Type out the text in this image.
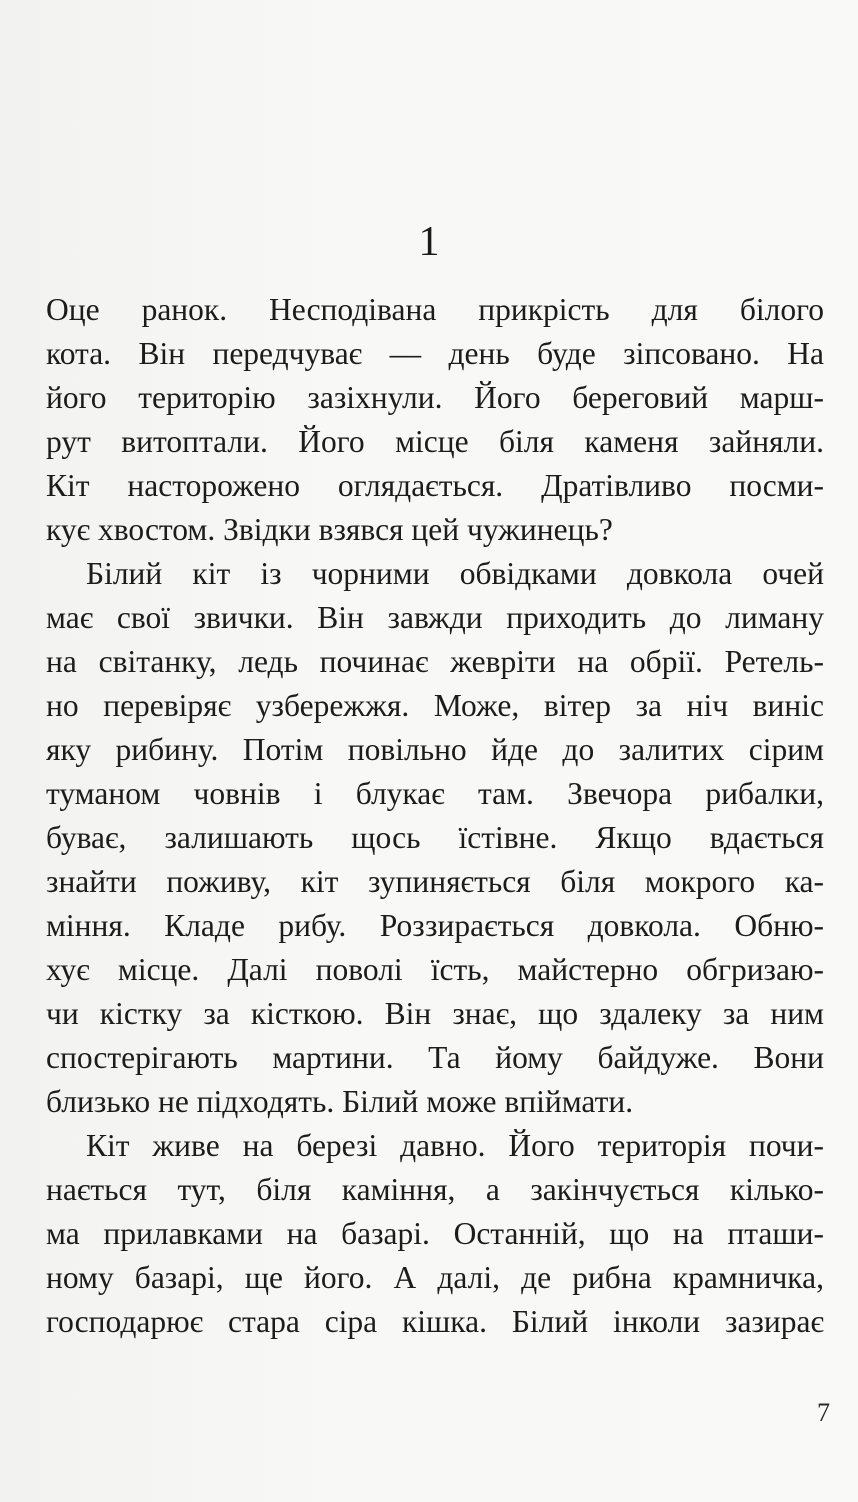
1
Оце ранок. Несподівана прикрість для білого
кота. Він передчуває — день буде зіпсовано. На
його територію зазіхнули. Його береговий марш-
рут витоптали. Його місце біля каменя зайняли.
Кіт насторожено оглядається. Дратівливо посми-
кує хвостом. Звідки взявся цей чужинець?
Білий кіт із чорними обвідками довкола очей
має свої звички. Він завжди приходить до лиману
на світанку, ледь починає жеврiти на обрії. Ретель-
но перевіряє узбережжя. Може, вітер за ніч виніс
яку рибину. Потім повільно йде до залитих сірим
туманом човнів і блукає там. Звечора рибалки,
буває, залишають щось їстівне. Якщо вдається
знайти поживу, кіт зупиняється біля мокрого ка-
міння. Кладе рибу. Роззирається довкола. Обню-
хує місце. Далі поволі їсть, майстерно обгризаю-
чи кістку за кісткою. Він знає, що здалеку за ним
спостерігають мартини. Та йому байдуже. Вони
близько не підходять. Білий може впіймати.
Кіт живе на березі давно. Його територія почи-
нається тут, біля каміння, а закінчується кілько-
ма прилавками на базарі. Останній, що на пташи-
ному базарі, ще його. А далі, де рибна крамничка,
господарює стара сіра кішка. Білий інколи зазирає
7
